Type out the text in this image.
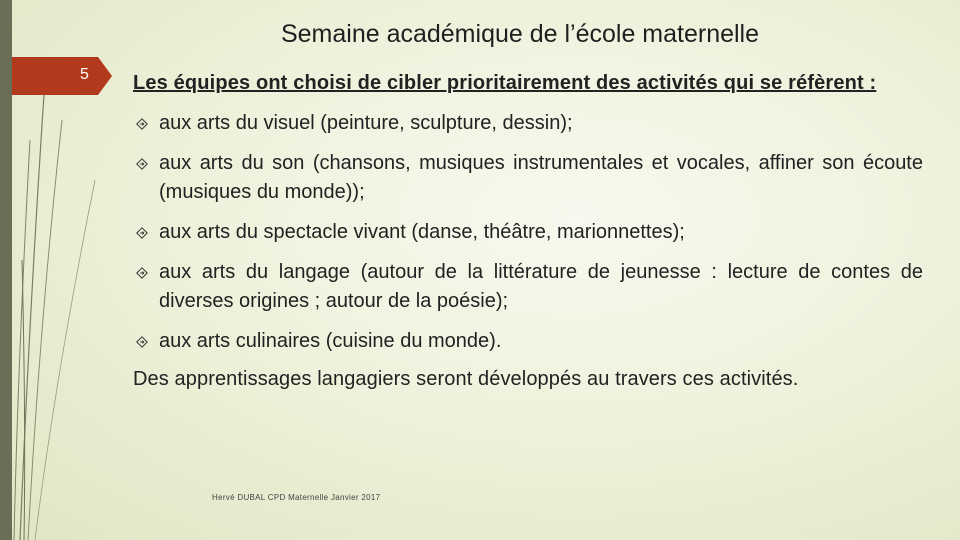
5
Semaine académique de l’école maternelle

Les équipes ont choisi de cibler prioritairement des activités qui se réfèrent :

aux arts du visuel (peinture, sculpture, dessin);
aux arts du son (chansons, musiques instrumentales et vocales, affiner son écoute (musiques du monde));
aux arts du spectacle vivant (danse, théâtre, marionnettes);
aux arts du langage (autour de la littérature de jeunesse : lecture de contes de diverses origines ; autour de la poésie);
aux arts culinaires (cuisine du monde).

Des apprentissages langagiers seront développés au travers ces activités.

Hervé DUBAL CPD Maternelle Janvier 2017
